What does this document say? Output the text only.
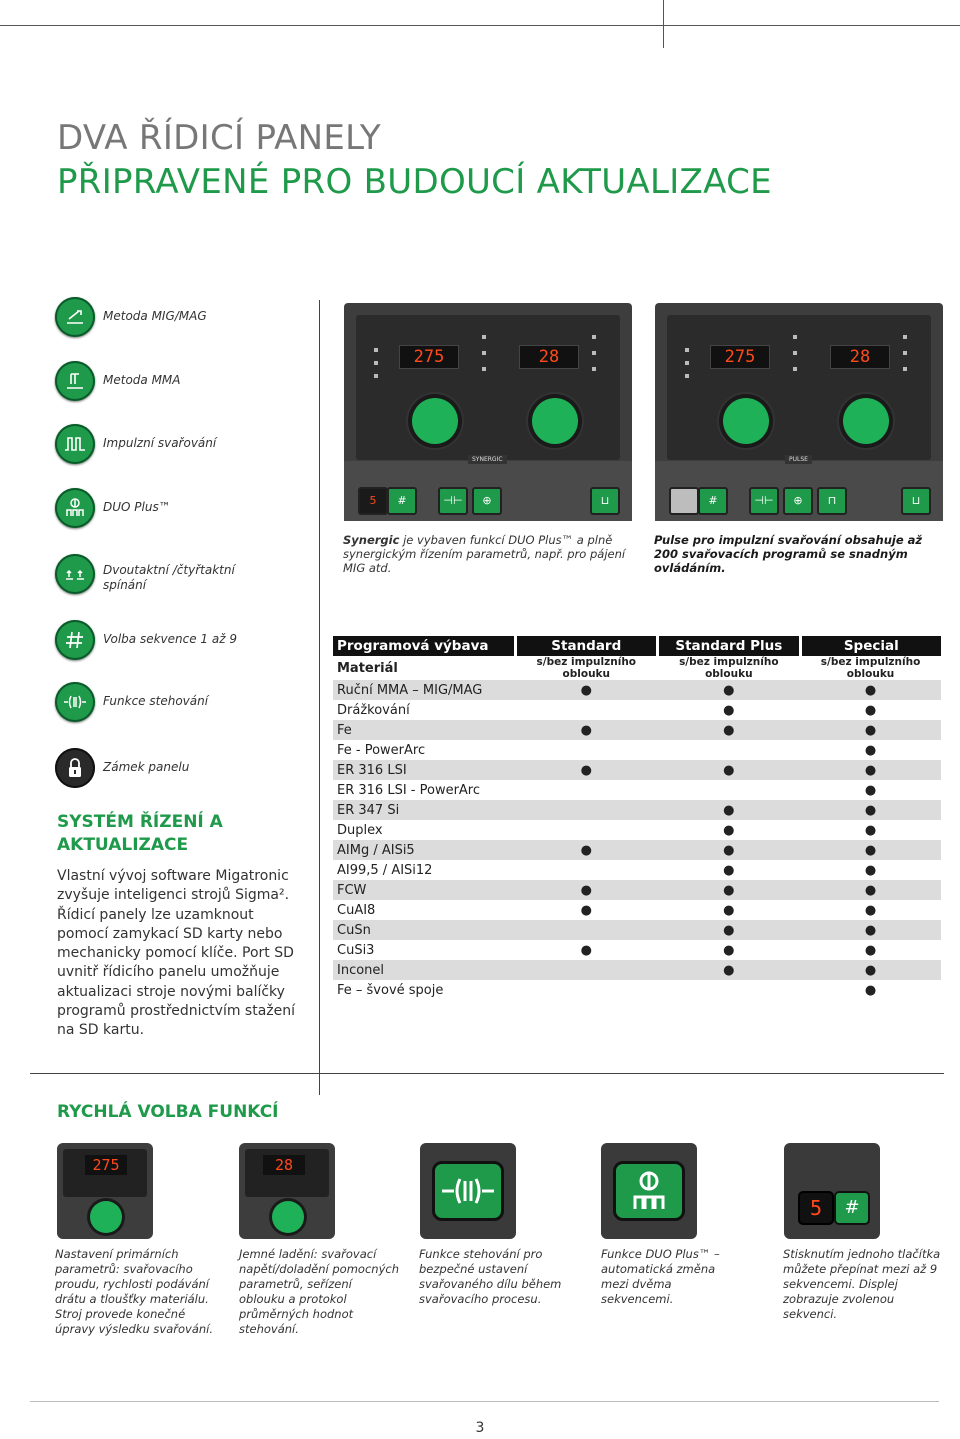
DVA ŘÍDICÍ PANELY
PŘIPRAVENÉ PRO BUDOUCÍ AKTUALIZACE
Metoda MIG/MAG
Metoda MMA
Impulzní svařování
DUO Plus™
Dvoutaktní /čtyřtaktní spínání
Volba sekvence 1 až 9
Funkce stehování
Zámek panelu
275	28
SYNERGIC
5	#	⊣⊢	⊕	⊔
Synergic je vybaven funkcí DUO Plus™ a plně synergickým řízením parametrů, např. pro pájení MIG atd.
275	28
PULSE
#	⊣⊢	⊕	⊓	⊔
Pulse pro impulzní svařování obsahuje až 200 svařovacích programů se snadným ovládáním.
SYSTÉM ŘÍZENÍ A
AKTUALIZACE
Vlastní vývoj software Migatronic zvyšuje inteligenci strojů Sigma². Řídicí panely lze uzamknout pomocí zamykací SD karty nebo mechanicky pomocí klíče. Port SD uvnitř řídicího panelu umožňuje aktualizaci stroje novými balíčky programů prostřednictvím stažení na SD kartu.
Programová výbava	Standard	Standard Plus	Special
Materiál	s/bez impulzního oblouku	s/bez impulzního oblouku	s/bez impulzního oblouku
Ruční MMA – MIG/MAG	●	●	●
Drážkování		●	●
Fe	●	●	●
Fe - PowerArc			●
ER 316 LSI	●	●	●
ER 316 LSI - PowerArc			●
ER 347 Si		●	●
Duplex		●	●
AIMg / AISi5	●	●	●
AI99,5 / AISi12		●	●
FCW	●	●	●
CuAI8	●	●	●
CuSn		●	●
CuSi3	●	●	●
Inconel		●	●
Fe – švové spoje			●
RYCHLÁ VOLBA FUNKCÍ
275	28
5	#
Nastavení primárních parametrů: svařovacího proudu, rychlosti podávání drátu a tloušťky materiálu. Stroj provede konečné úpravy výsledku svařování.
Jemné ladění: svařovací napětí/doladění pomocných parametrů, seřízení oblouku a protokol průměrných hodnot stehování.
Funkce stehování pro bezpečné ustavení svařovaného dílu během svařovacího procesu.
Funkce DUO Plus™ – automatická změna mezi dvěma sekvencemi.
Stisknutím jednoho tlačítka můžete přepínat mezi až 9 sekvencemi. Displej zobrazuje zvolenou sekvenci.
3
